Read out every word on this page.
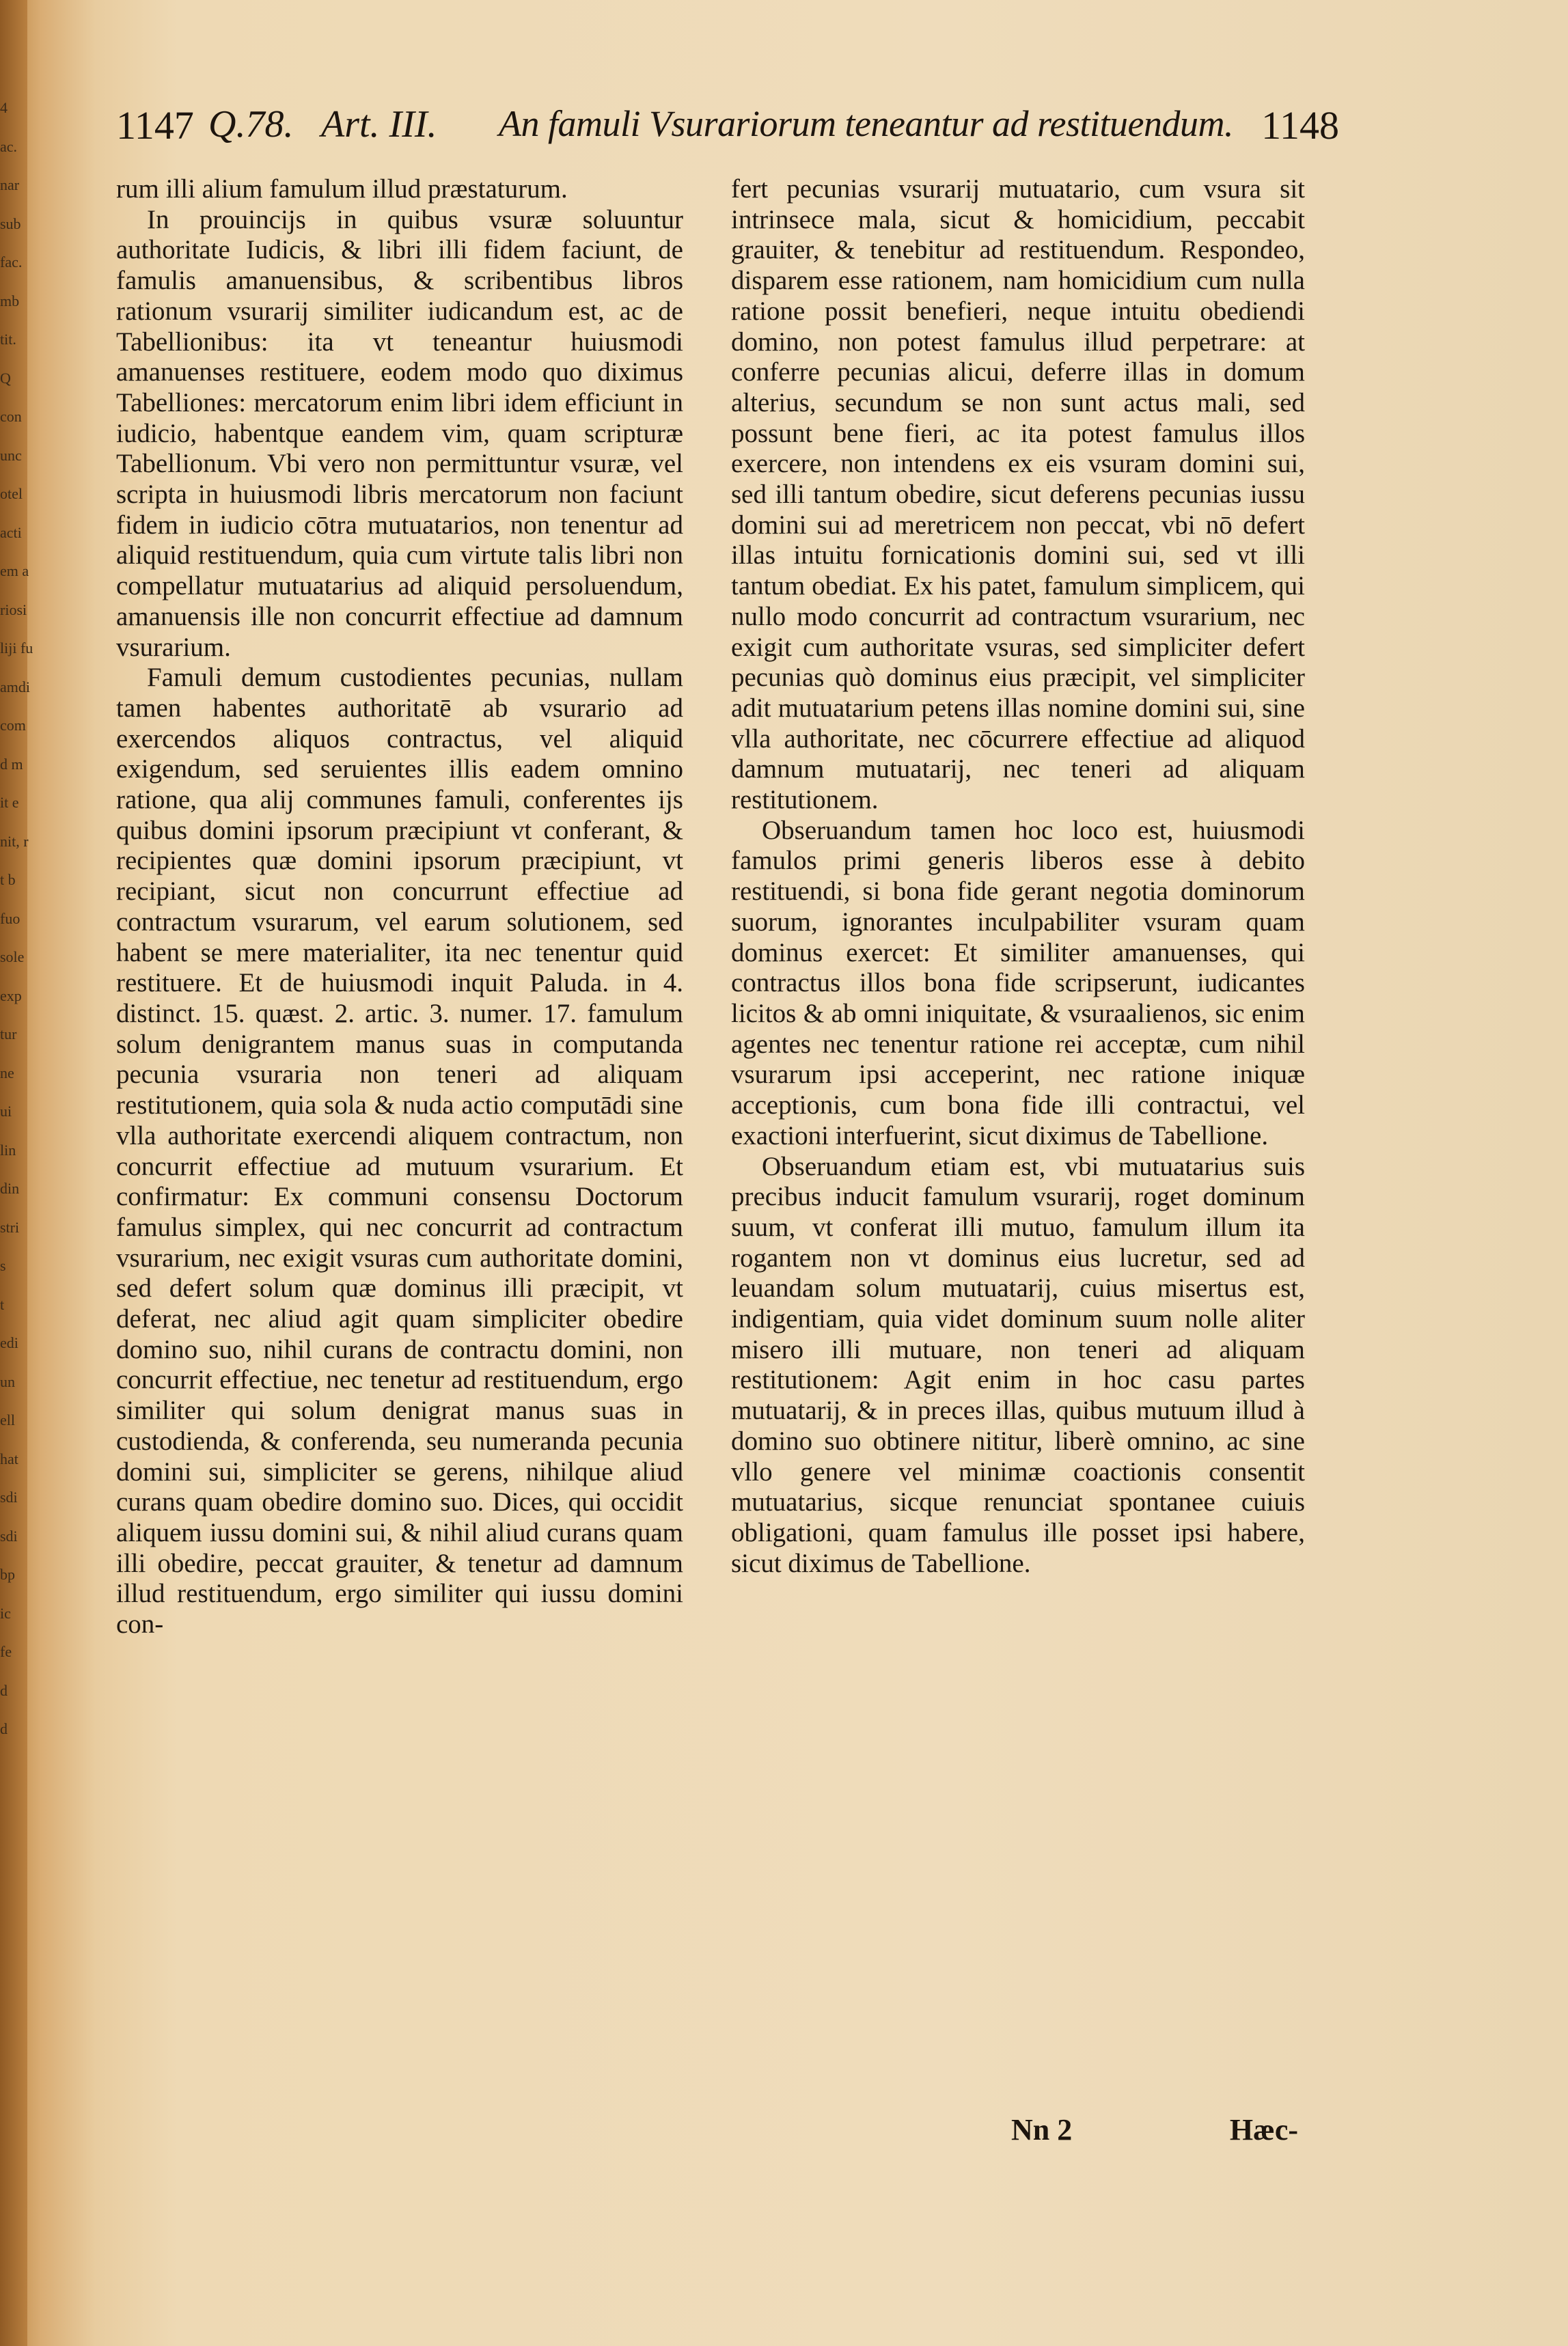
4
ac.
nar
sub
fac.
mb
tit.
Q
con
unc
otel
acti
em a
riosi
liji fu
amdi
com
d m
it e
nit, r
t b
fuo
sole
exp
tur
ne
ui
lin
din
stri
s
t
edi
un
ell
hat
sdi
sdi
bp
ic
fe
d
d
1147 Q.78. Art. III. An famuli Vsurariorum teneantur ad restituendum. 1148

rum illi alium famulum illud præstaturum.

In prouincijs in quibus vsuræ soluuntur authoritate Iudicis, & libri illi fidem faciunt, de famulis amanuensibus, & scribentibus libros rationum vsurarij similiter iudicandum est, ac de Tabellionibus: ita vt teneantur huiusmodi amanuenses restituere, eodem modo quo diximus Tabelliones: mercatorum enim libri idem efficiunt in iudicio, habentque eandem vim, quam scripturæ Tabellionum. Vbi vero non permittuntur vsuræ, vel scripta in huiusmodi libris mercatorum non faciunt fidem in iudicio cōtra mutuatarios, non tenentur ad aliquid restituendum, quia cum virtute talis libri non compellatur mutuatarius ad aliquid persoluendum, amanuensis ille non concurrit effectiue ad damnum vsurarium.

Famuli demum custodientes pecunias, nullam tamen habentes authoritatē ab vsurario ad exercendos aliquos contractus, vel aliquid exigendum, sed seruientes illis eadem omnino ratione, qua alij communes famuli, conferentes ijs quibus domini ipsorum præcipiunt vt conferant, & recipientes quæ domini ipsorum præcipiunt, vt recipiant, sicut non concurrunt effectiue ad contractum vsurarum, vel earum solutionem, sed habent se mere materialiter, ita nec tenentur quid restituere. Et de huiusmodi inquit Paluda. in 4. distinct. 15. quæst. 2. artic. 3. numer. 17. famulum solum denigrantem manus suas in computanda pecunia vsuraria non teneri ad aliquam restitutionem, quia sola & nuda actio computādi sine vlla authoritate exercendi aliquem contractum, non concurrit effectiue ad mutuum vsurarium. Et confirmatur: Ex communi consensu Doctorum famulus simplex, qui nec concurrit ad contractum vsurarium, nec exigit vsuras cum authoritate domini, sed defert solum quæ dominus illi præcipit, vt deferat, nec aliud agit quam simpliciter obedire domino suo, nihil curans de contractu domini, non concurrit effectiue, nec tenetur ad restituendum, ergo similiter qui solum denigrat manus suas in custodienda, & conferenda, seu numeranda pecunia domini sui, simpliciter se gerens, nihilque aliud curans quam obedire domino suo. Dices, qui occidit aliquem iussu domini sui, & nihil aliud curans quam illi obedire, peccat grauiter, & tenetur ad damnum illud restituendum, ergo similiter qui iussu domini con-

fert pecunias vsurarij mutuatario, cum vsura sit intrinsece mala, sicut & homicidium, peccabit grauiter, & tenebitur ad restituendum. Respondeo, disparem esse rationem, nam homicidium cum nulla ratione possit benefieri, neque intuitu obediendi domino, non potest famulus illud perpetrare: at conferre pecunias alicui, deferre illas in domum alterius, secundum se non sunt actus mali, sed possunt bene fieri, ac ita potest famulus illos exercere, non intendens ex eis vsuram domini sui, sed illi tantum obedire, sicut deferens pecunias iussu domini sui ad meretricem non peccat, vbi nō defert illas intuitu fornicationis domini sui, sed vt illi tantum obediat. Ex his patet, famulum simplicem, qui nullo modo concurrit ad contractum vsurarium, nec exigit cum authoritate vsuras, sed simpliciter defert pecunias quò dominus eius præcipit, vel simpliciter adit mutuatarium petens illas nomine domini sui, sine vlla authoritate, nec cōcurrere effectiue ad aliquod damnum mutuatarij, nec teneri ad aliquam restitutionem.

Obseruandum tamen hoc loco est, huiusmodi famulos primi generis liberos esse à debito restituendi, si bona fide gerant negotia dominorum suorum, ignorantes inculpabiliter vsuram quam dominus exercet: Et similiter amanuenses, qui contractus illos bona fide scripserunt, iudicantes licitos & ab omni iniquitate, & vsuraalienos, sic enim agentes nec tenentur ratione rei acceptæ, cum nihil vsurarum ipsi acceperint, nec ratione iniquæ acceptionis, cum bona fide illi contractui, vel exactioni interfuerint, sicut diximus de Tabellione.

Obseruandum etiam est, vbi mutuatarius suis precibus inducit famulum vsurarij, roget dominum suum, vt conferat illi mutuo, famulum illum ita rogantem non vt dominus eius lucretur, sed ad leuandam solum mutuatarij, cuius misertus est, indigentiam, quia videt dominum suum nolle aliter misero illi mutuare, non teneri ad aliquam restitutionem: Agit enim in hoc casu partes mutuatarij, & in preces illas, quibus mutuum illud à domino suo obtinere nititur, liberè omnino, ac sine vllo genere vel minimæ coactionis consentit mutuatarius, sicque renunciat spontanee cuiuis obligationi, quam famulus ille posset ipsi habere, sicut diximus de Tabellione.

Nn 2	Hæc-
